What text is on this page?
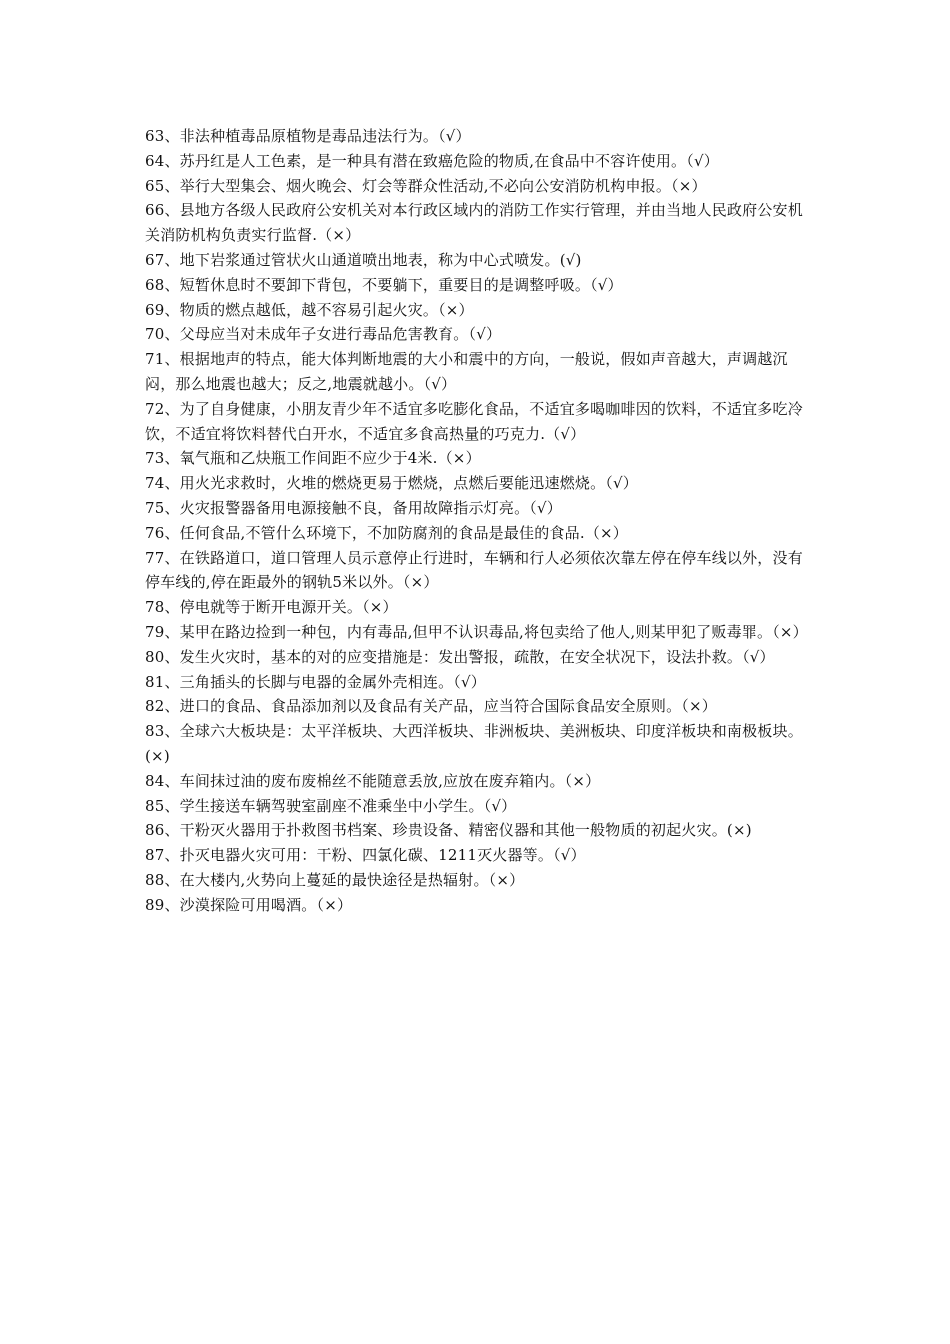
63、非法种植毒品原植物是毒品违法行为。（√）

64、苏丹红是人工色素，是一种具有潜在致癌危险的物质,在食品中不容许使用。（√）

65、举行大型集会、烟火晚会、灯会等群众性活动,不必向公安消防机构申报。（×）

66、县地方各级人民政府公安机关对本行政区域内的消防工作实行管理，并由当地人民政府公安机关消防机构负责实行监督.（×）

67、地下岩浆通过管状火山通道喷出地表，称为中心式喷发。(√)

68、短暂休息时不要卸下背包，不要躺下，重要目的是调整呼吸。（√）

69、物质的燃点越低，越不容易引起火灾。（×）

70、父母应当对未成年子女进行毒品危害教育。（√）

71、根据地声的特点，能大体判断地震的大小和震中的方向，一般说，假如声音越大，声调越沉闷，那么地震也越大；反之,地震就越小。（√）

72、为了自身健康，小朋友青少年不适宜多吃膨化食品，不适宜多喝咖啡因的饮料，不适宜多吃冷饮，不适宜将饮料替代白开水，不适宜多食高热量的巧克力.（√）

73、氧气瓶和乙炔瓶工作间距不应少于4米.（×）

74、用火光求救时，火堆的燃烧更易于燃烧，点燃后要能迅速燃烧。（√）

75、火灾报警器备用电源接触不良，备用故障指示灯亮。（√）

76、任何食品,不管什么环境下，不加防腐剂的食品是最佳的食品.（×）

77、在铁路道口，道口管理人员示意停止行进时，车辆和行人必须依次靠左停在停车线以外，没有停车线的,停在距最外的钢轨5米以外。（×）

78、停电就等于断开电源开关。（×）

79、某甲在路边捡到一种包，内有毒品,但甲不认识毒品,将包卖给了他人,则某甲犯了贩毒罪。（×）

80、发生火灾时，基本的对的应变措施是：发出警报，疏散，在安全状况下，设法扑救。（√）

81、三角插头的长脚与电器的金属外壳相连。（√）

82、进口的食品、食品添加剂以及食品有关产品，应当符合国际食品安全原则。（×）

83、全球六大板块是：太平洋板块、大西洋板块、非洲板块、美洲板块、印度洋板块和南极板块。(×)

84、车间抹过油的废布废棉丝不能随意丢放,应放在废弃箱内。（×）

85、学生接送车辆驾驶室副座不准乘坐中小学生。（√）

86、干粉灭火器用于扑救图书档案、珍贵设备、精密仪器和其他一般物质的初起火灾。(×)

87、扑灭电器火灾可用：干粉、四氯化碳、1211灭火器等。（√）

88、在大楼内,火势向上蔓延的最快途径是热辐射。（×）

89、沙漠探险可用喝酒。（×）
